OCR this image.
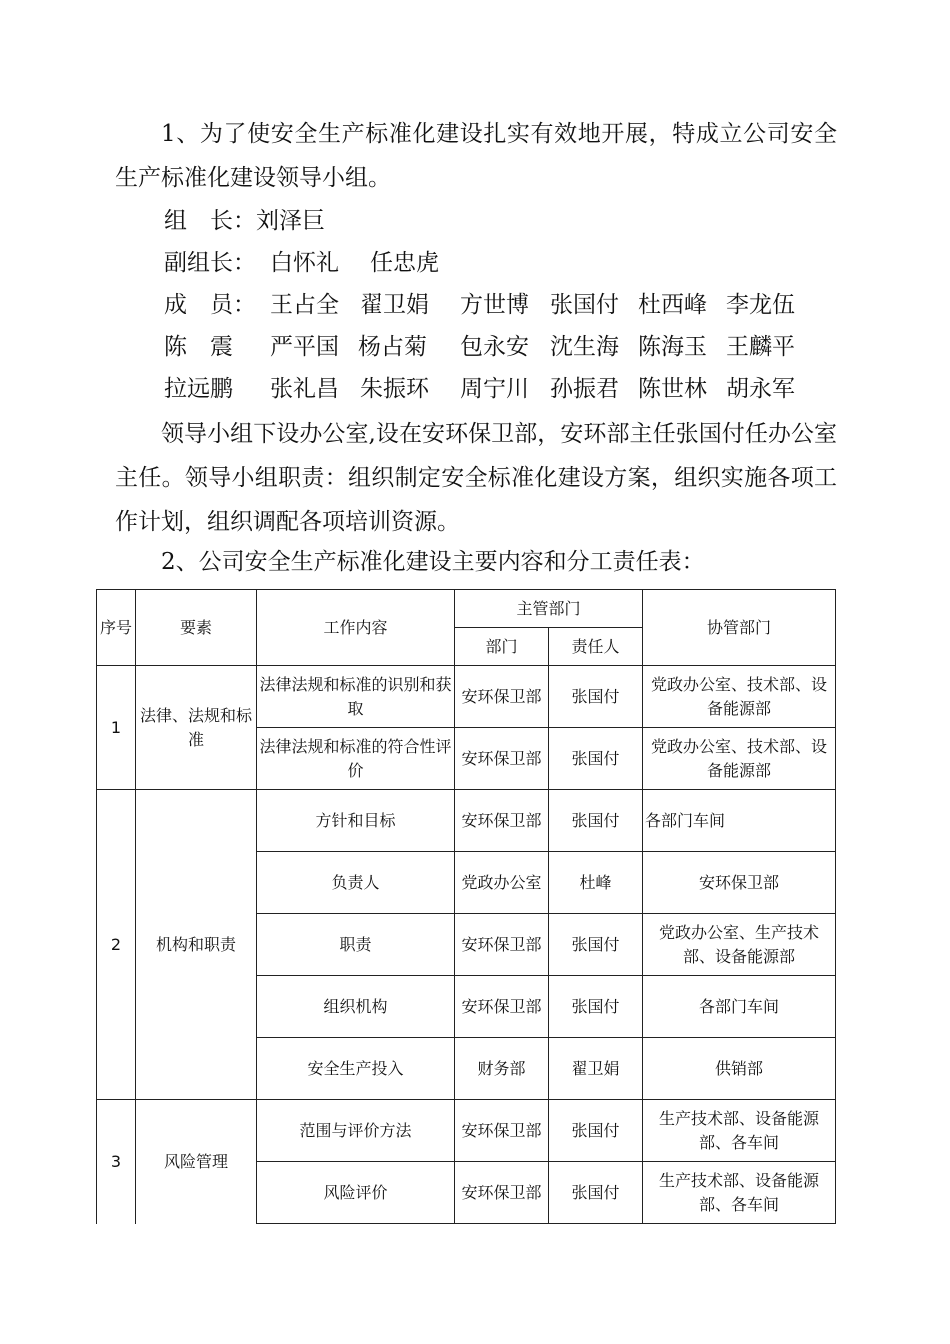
1、为了使安全生产标准化建设扎实有效地开展，特成立公司安全生产标准化建设领导小组。

组　长：刘泽巨
副组长： 白怀礼 任忠虎
成　员： 王占全 翟卫娟 方世博 张国付 杜西峰 李龙伍
陈　震 严平国 杨占菊 包永安 沈生海 陈海玉 王麟平
拉远鹏 张礼昌 朱振环 周宁川 孙振君 陈世林 胡永军

领导小组下设办公室,设在安环保卫部，安环部主任张国付任办公室主任。领导小组职责：组织制定安全标准化建设方案，组织实施各项工作计划，组织调配各项培训资源。

2、公司安全生产标准化建设主要内容和分工责任表：

序号	要素	工作内容	主管部门		协管部门
			部门	责任人	
1	法律、法规和标准	法律法规和标准的识别和获取	安环保卫部	张国付	党政办公室、技术部、设备能源部
		法律法规和标准的符合性评价	安环保卫部	张国付	党政办公室、技术部、设备能源部
2	机构和职责	方针和目标	安环保卫部	张国付	各部门车间
		负责人	党政办公室	杜峰	安环保卫部
		职责	安环保卫部	张国付	党政办公室、生产技术部、设备能源部
		组织机构	安环保卫部	张国付	各部门车间
		安全生产投入	财务部	翟卫娟	供销部
3	风险管理	范围与评价方法	安环保卫部	张国付	生产技术部、设备能源部、各车间
		风险评价	安环保卫部	张国付	生产技术部、设备能源部、各车间
